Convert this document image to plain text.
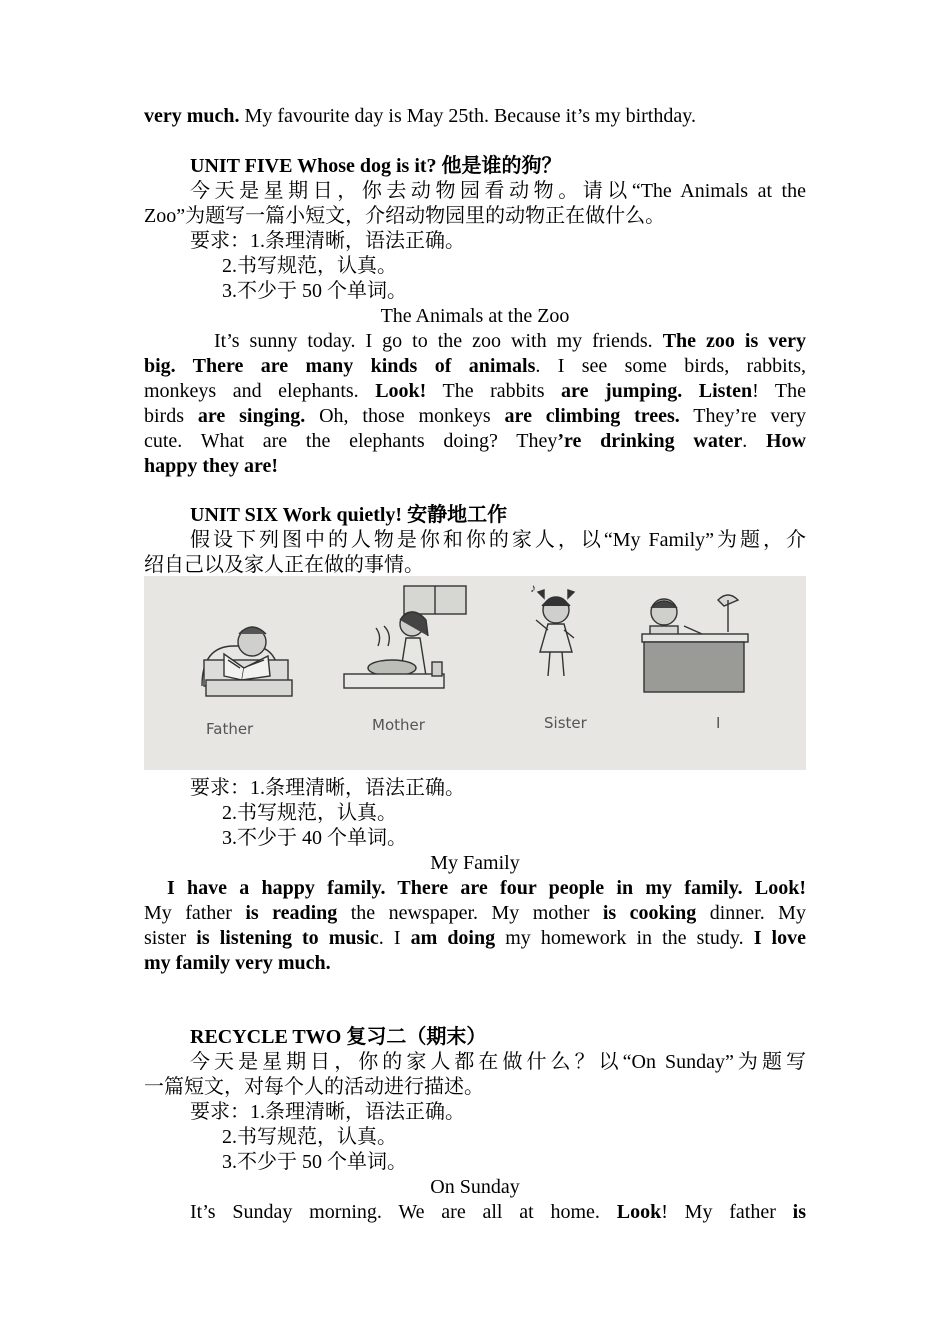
very much. My favourite day is May 25th. Because it’s my birthday.
UNIT FIVE Whose dog is it? 他是谁的狗？
今天是星期日，你去动物园看动物。请以“The Animals at the
Zoo”为题写一篇小短文，介绍动物园里的动物正在做什么。
要求：1.条理清晰，语法正确。
2.书写规范，认真。
3.不少于 50 个单词。
The Animals at the Zoo
It’s sunny today. I go to the zoo with my friends. The zoo is very
big. There are many kinds of animals. I see some birds, rabbits,
monkeys and elephants. Look! The rabbits are jumping. Listen! The
birds are singing. Oh, those monkeys are climbing trees. They’re very
cute. What are the elephants doing? They’re drinking water. How
happy they are!
UNIT SIX Work quietly! 安静地工作
假设下列图中的人物是你和你的家人，以“My Family”为题，介
绍自己以及家人正在做的事情。
Father	Mother
♪
Sister	I
要求：1.条理清晰，语法正确。
2.书写规范，认真。
3.不少于 40 个单词。
My Family
I have a happy family. There are four people in my family. Look!
My father is reading the newspaper. My mother is cooking dinner. My
sister is listening to music. I am doing my homework in the study. I love
my family very much.
RECYCLE TWO 复习二（期末）
今天是星期日，你的家人都在做什么？以“On Sunday”为题写
一篇短文，对每个人的活动进行描述。
要求：1.条理清晰，语法正确。
2.书写规范，认真。
3.不少于 50 个单词。
On Sunday
It’s Sunday morning. We are all at home. Look! My father is
